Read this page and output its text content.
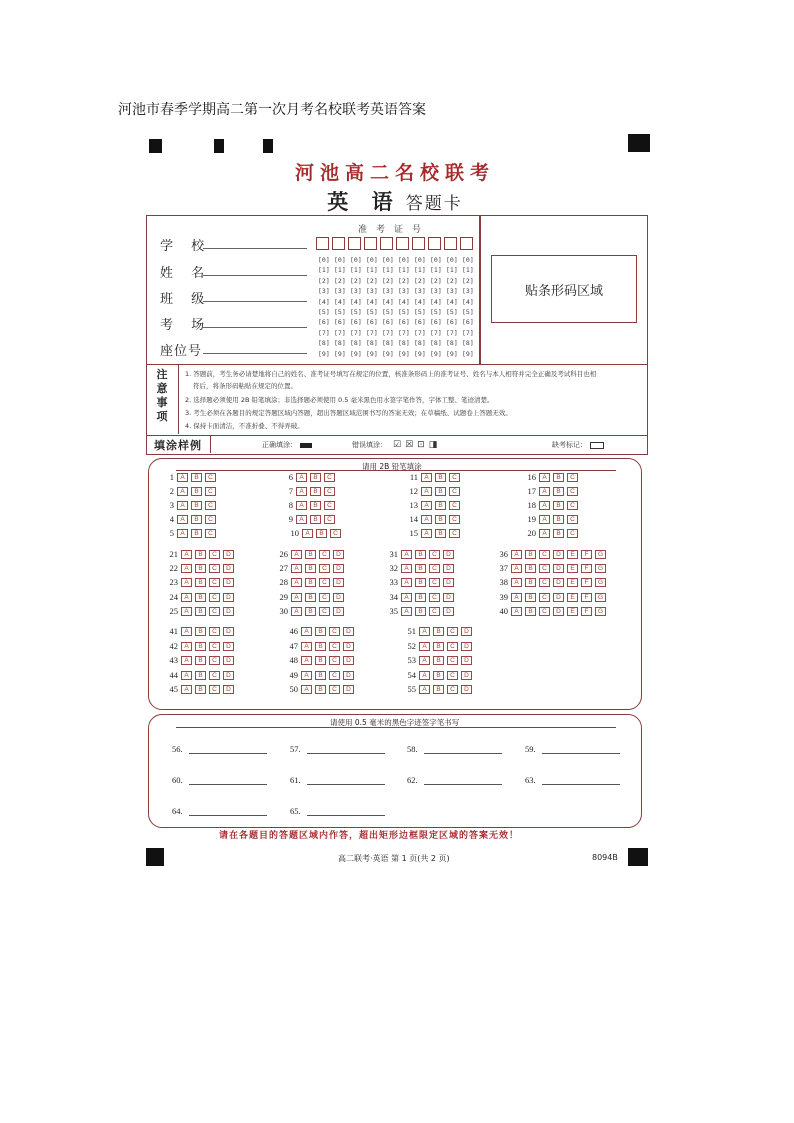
河池市春季学期高二第一次月考名校联考英语答案
河池高二名校联考
英 语 答题卡
学 校
姓 名
班 级
考 场
座位号
准考证号
[0] [0] [0] [0] [0] [0] [0] [0] [0] [0]
[1] [1] [1] [1] [1] [1] [1] [1] [1] [1]
[2] [2] [2] [2] [2] [2] [2] [2] [2] [2]
[3] [3] [3] [3] [3] [3] [3] [3] [3] [3]
[4] [4] [4] [4] [4] [4] [4] [4] [4] [4]
[5] [5] [5] [5] [5] [5] [5] [5] [5] [5]
[6] [6] [6] [6] [6] [6] [6] [6] [6] [6]
[7] [7] [7] [7] [7] [7] [7] [7] [7] [7]
[8] [8] [8] [8] [8] [8] [8] [8] [8] [8]
[9] [9] [9] [9] [9] [9] [9] [9] [9] [9]
贴条形码区域
注
意
事
项
1. 答题前，考生务必请楚地将自己的姓名、准考证号填写在规定的位置，核准条形码上的准考证号、姓名与本人相符并完全正确及考试科目也相
符后，将条形码粘贴在规定的位置。
2. 选择题必须使用 2B 铅笔填涂；非选择题必须使用 0.5 毫米黑色用水签字笔作答，字体工整、笔迹清楚。
3. 考生必须在各题目的规定答题区域内答题，超出答题区域范围书写的答案无效；在草稿纸、试题卷上答题无效。
4. 保持卡面清洁，不准折叠、不得弄破。
填涂样例	正确填涂：	错误填涂： ☑ ☒ ⊡ ◨	缺考标记：
请用 2B 铅笔填涂
1 A	B	C
2 A	B	C
3 A	B	C
4 A	B	C
5 A	B	C
6 A	B	C
7 A	B	C
8 A	B	C
9 A	B	C
10 A	B	C
11 A	B	C
12 A	B	C
13 A	B	C
14 A	B	C
15 A	B	C
16 A	B	C
17 A	B	C
18 A	B	C
19 A	B	C
20 A	B	C
21 A	B	C	D
22 A	B	C	D
23 A	B	C	D
24 A	B	C	D
25 A	B	C	D
26 A	B	C	D
27 A	B	C	D
28 A	B	C	D
29 A	B	C	D
30 A	B	C	D
31 A	B	C	D
32 A	B	C	D
33 A	B	C	D
34 A	B	C	D
35 A	B	C	D
36 A	B	C	D	E	F	G
37 A	B	C	D	E	F	G
38 A	B	C	D	E	F	G
39 A	B	C	D	E	F	G
40 A	B	C	D	E	F	G
41 A	B	C	D
42 A	B	C	D
43 A	B	C	D
44 A	B	C	D
45 A	B	C	D
46 A	B	C	D
47 A	B	C	D
48 A	B	C	D
49 A	B	C	D
50 A	B	C	D
51 A	B	C	D
52 A	B	C	D
53 A	B	C	D
54 A	B	C	D
55 A	B	C	D
请使用 0.5 毫米的黑色字迹签字笔书写
56.	57.	58.	59.
60.	61.	62.	63.
64.	65.
请在各题目的答题区域内作答，超出矩形边框限定区域的答案无效！
高二联考·英语 第 1 页(共 2 页)	8094B
